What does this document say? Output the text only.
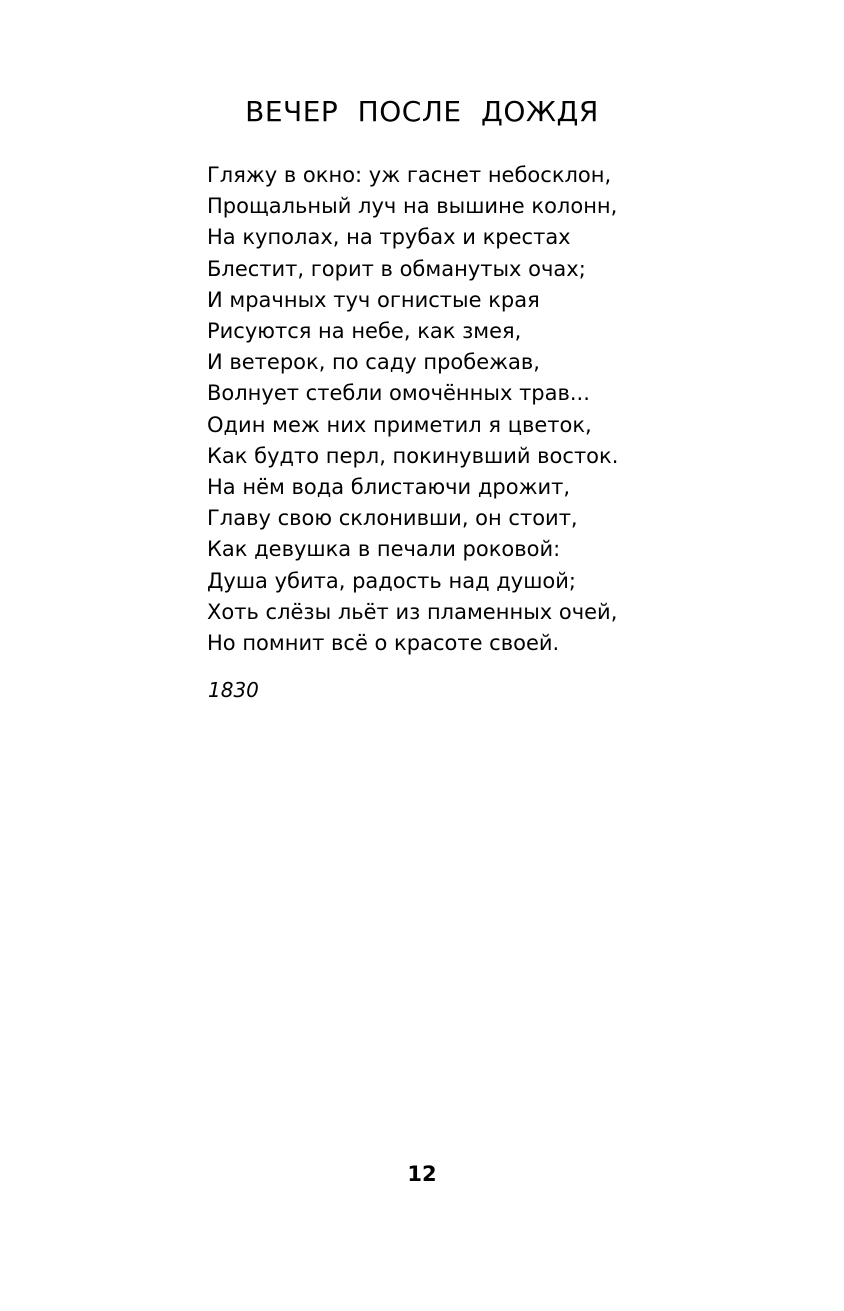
ВЕЧЕР ПОСЛЕ ДОЖДЯ
Гляжу в окно: уж гаснет небосклон,
Прощальный луч на вышине колонн,
На куполах, на трубах и крестах
Блестит, горит в обманутых очах;
И мрачных туч огнистые края
Рисуются на небе, как змея,
И ветерок, по саду пробежав,
Волнует стебли омочённых трав...
Один меж них приметил я цветок,
Как будто перл, покинувший восток.
На нём вода блистаючи дрожит,
Главу свою склонивши, он стоит,
Как девушка в печали роковой:
Душа убита, радость над душой;
Хоть слёзы льёт из пламенных очей,
Но помнит всё о красоте своей.
1830
12
